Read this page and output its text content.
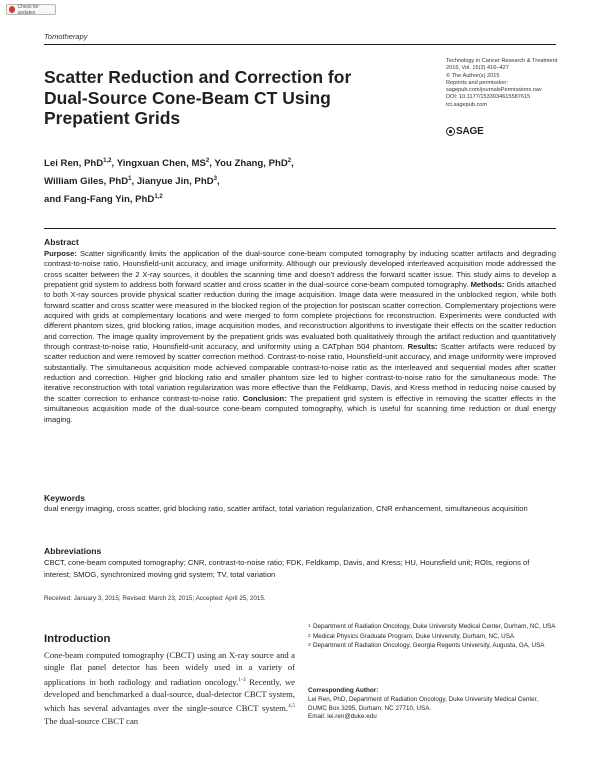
Check for updates
Tomotherapy
Scatter Reduction and Correction for Dual-Source Cone-Beam CT Using Prepatient Grids
Technology in Cancer Research & Treatment
2016, Vol. 15(3) 416–427
© The Author(s) 2015
Reprints and permission:
sagepub.com/journalsPermissions.nav
DOI: 10.1177/1533034615587615
tct.sagepub.com
SAGE
Lei Ren, PhD$^{1,2}$, Yingxuan Chen, $MS^2$, You Zhang, PhD$^2$,
William Giles, PhD$^1$, Jianyue Jin, PhD$^3$,
and Fang-Fang Yin, PhD$^{1,2}$
Abstract

Purpose: Scatter significantly limits the application of the dual-source cone-beam computed tomography by inducing scatter artifacts and degrading contrast-to-noise ratio, Hounsfield-unit accuracy, and image uniformity. Although our previously developed interleaved acquisition mode addressed the cross scatter between the 2 X-ray sources, it doubles the scanning time and doesn't address the forward scatter issue. This study aims to develop a prepatient grid system to address both forward scatter and cross scatter in the dual-source cone-beam computed tomography. Methods: Grids attached to both X-ray sources provide physical scatter reduction during the image acquisition. Image data were measured in the unblocked region, while both forward scatter and cross scatter were measured in the blocked region of the projection for postscan scatter correction. Complementary projections were acquired with grids at complementary locations and were merged to form complete projections for reconstruction. Experiments were conducted with different phantom sizes, grid blocking ratios, image acquisition modes, and reconstruction algorithms to investigate their effects on the scatter reduction and correction. The image quality improvement by the prepatient grids was evaluated both qualitatively through the artifact reduction and quantitatively through contrast-to-noise ratio, Hounsfield-unit accuracy, and uniformity using a CATphan 504 phantom. Results: Scatter artifacts were reduced by scatter reduction and were removed by scatter correction method. Contrast-to-noise ratio, Hounsfield-unit accuracy, and image uniformity were improved substantially. The simultaneous acquisition mode achieved comparable contrast-to-noise ratio as the interleaved and sequential modes after scatter reduction and correction. Higher grid blocking ratio and smaller phantom size led to higher contrast-to-noise ratio for the simultaneous mode. The iterative reconstruction with total variation regularization was more effective than the Feldkamp, Davis, and Kress method in reducing noise caused by the scatter correction to enhance contrast-to-noise ratio. Conclusion: The prepatient grid system is effective in removing the scatter effects in the simultaneous acquisition mode of the dual-source cone-beam computed tomography, which is useful for scanning time reduction or dual energy imaging.

Keywords

dual energy imaging, cross scatter, grid blocking ratio, scatter artifact, total variation regularization, CNR enhancement, simultaneous acquisition

Abbreviations

CBCT, cone-beam computed tomography; CNR, contrast-to-noise ratio; FDK, Feldkamp, Davis, and Kress; HU, Hounsfield unit; ROIs, regions of interest; SMOG, synchronized moving grid system; TV, total variation

Received: January 3, 2015; Revised: March 23, 2015; Accepted: April 25, 2015.
Introduction

Cone-beam computed tomography (CBCT) using an X-ray source and a single flat panel detector has been widely used in a variety of applications in both radiology and radiation oncology.$^{1-3}$ Recently, we developed and benchmarked a dual-source, dual-detector CBCT system, which has several advantages over the single-source CBCT system.$^{4,5}$ The dual-source CBCT can

1 Department of Radiation Oncology, Duke University Medical Center, Durham, NC, USA
2 Medical Physics Graduate Program, Duke University, Durham, NC, USA
3 Department of Radiation Oncology, Georgia Regents University, Augusta, GA, USA
Corresponding Author:
Lei Ren, PhD, Department of Radiation Oncology, Duke University Medical Center, DUMC Box 3295, Durham, NC 27710, USA.
Email: lei.ren@duke.edu
